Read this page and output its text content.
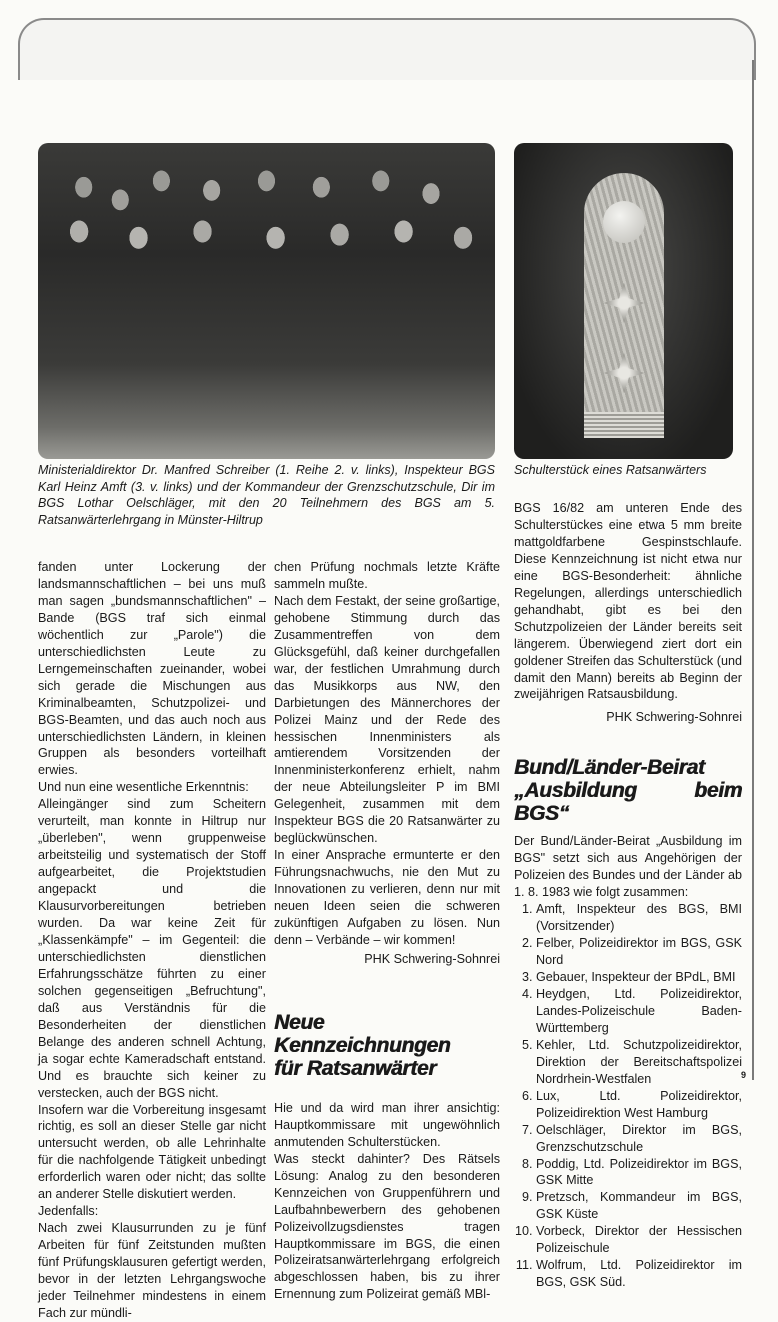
Ministerialdirektor Dr. Manfred Schreiber (1. Reihe 2. v. links), Inspekteur BGS Karl Heinz Amft (3. v. links) und der Kommandeur der Grenzschutzschule, Dir im BGS Lothar Oelschläger, mit den 20 Teilnehmern des BGS am 5. Ratsanwärterlehrgang in Münster-Hiltrup
Schulterstück eines Ratsanwärters

fanden unter Lockerung der landsmannschaftlichen – bei uns muß man sagen „bundsmannschaftlichen" – Bande (BGS traf sich einmal wöchentlich zur „Parole") die unterschiedlichsten Leute zu Lerngemeinschaften zueinander, wobei sich gerade die Mischungen aus Kriminalbeamten, Schutzpolizei- und BGS-Beamten, und das auch noch aus unterschiedlichsten Ländern, in kleinen Gruppen als besonders vorteilhaft erwies.

Und nun eine wesentliche Erkenntnis:

Alleingänger sind zum Scheitern verurteilt, man konnte in Hiltrup nur „überleben", wenn gruppenweise arbeitsteilig und systematisch der Stoff aufgearbeitet, die Projektstudien angepackt und die Klausurvorbereitungen betrieben wurden. Da war keine Zeit für „Klassenkämpfe" – im Gegenteil: die unterschiedlichsten dienstlichen Erfahrungsschätze führten zu einer solchen gegenseitigen „Befruchtung", daß aus Verständnis für die Besonderheiten der dienstlichen Belange des anderen schnell Achtung, ja sogar echte Kameradschaft entstand. Und es brauchte sich keiner zu verstecken, auch der BGS nicht.

Insofern war die Vorbereitung insgesamt richtig, es soll an dieser Stelle gar nicht untersucht werden, ob alle Lehrinhalte für die nachfolgende Tätigkeit unbedingt erforderlich waren oder nicht; das sollte an anderer Stelle diskutiert werden.

Jedenfalls:

Nach zwei Klausurrunden zu je fünf Arbeiten für fünf Zeitstunden mußten fünf Prüfungsklausuren gefertigt werden, bevor in der letzten Lehrgangswoche jeder Teilnehmer mindestens in einem Fach zur mündli-

chen Prüfung nochmals letzte Kräfte sammeln mußte.

Nach dem Festakt, der seine großartige, gehobene Stimmung durch das Zusammentreffen von dem Glücksgefühl, daß keiner durchgefallen war, der festlichen Umrahmung durch das Musikkorps aus NW, den Darbietungen des Männerchores der Polizei Mainz und der Rede des hessischen Innenministers als amtierendem Vorsitzenden der Innenministerkonferenz erhielt, nahm der neue Abteilungsleiter P im BMI Gelegenheit, zusammen mit dem Inspekteur BGS die 20 Ratsanwärter zu beglückwünschen.

In einer Ansprache ermunterte er den Führungsnachwuchs, nie den Mut zu Innovationen zu verlieren, denn nur mit neuen Ideen seien die schweren zukünftigen Aufgaben zu lösen. Nun denn – Verbände – wir kommen!

PHK Schwering-Sohnrei

Neue Kennzeichnungen
für Ratsanwärter

Hie und da wird man ihrer ansichtig: Hauptkommissare mit ungewöhnlich anmutenden Schulterstücken.

Was steckt dahinter? Des Rätsels Lösung: Analog zu den besonderen Kennzeichen von Gruppenführern und Laufbahnbewerbern des gehobenen Polizeivollzugsdienstes tragen Hauptkommissare im BGS, die einen Polizeiratsanwärterlehrgang erfolgreich abgeschlossen haben, bis zu ihrer Ernennung zum Polizeirat gemäß MBl-

BGS 16/82 am unteren Ende des Schulterstückes eine etwa 5 mm breite mattgoldfarbene Gespinstschlaufe. Diese Kennzeichnung ist nicht etwa nur eine BGS-Besonderheit: ähnliche Regelungen, allerdings unterschiedlich gehandhabt, gibt es bei den Schutzpolizeien der Länder bereits seit längerem. Überwiegend ziert dort ein goldener Streifen das Schulterstück (und damit den Mann) bereits ab Beginn der zweijährigen Ratsausbildung.

PHK Schwering-Sohnrei

Bund/Länder-Beirat
„Ausbildung beim BGS“

Der Bund/Länder-Beirat „Ausbildung im BGS" setzt sich aus Angehörigen der Polizeien des Bundes und der Länder ab 1. 8. 1983 wie folgt zusammen:

1. Amft, Inspekteur des BGS, BMI (Vorsitzender)
2. Felber, Polizeidirektor im BGS, GSK Nord
3. Gebauer, Inspekteur der BPdL, BMI
4. Heydgen, Ltd. Polizeidirektor, Landes-Polizeischule Baden-Württemberg
5. Kehler, Ltd. Schutzpolizeidirektor, Direktion der Bereitschaftspolizei Nordrhein-Westfalen
6. Lux, Ltd. Polizeidirektor, Polizeidirektion West Hamburg
7. Oelschläger, Direktor im BGS, Grenzschutzschule
8. Poddig, Ltd. Polizeidirektor im BGS, GSK Mitte
9. Pretzsch, Kommandeur im BGS, GSK Küste
10. Vorbeck, Direktor der Hessischen Polizeischule
11. Wolfrum, Ltd. Polizeidirektor im BGS, GSK Süd.
9
